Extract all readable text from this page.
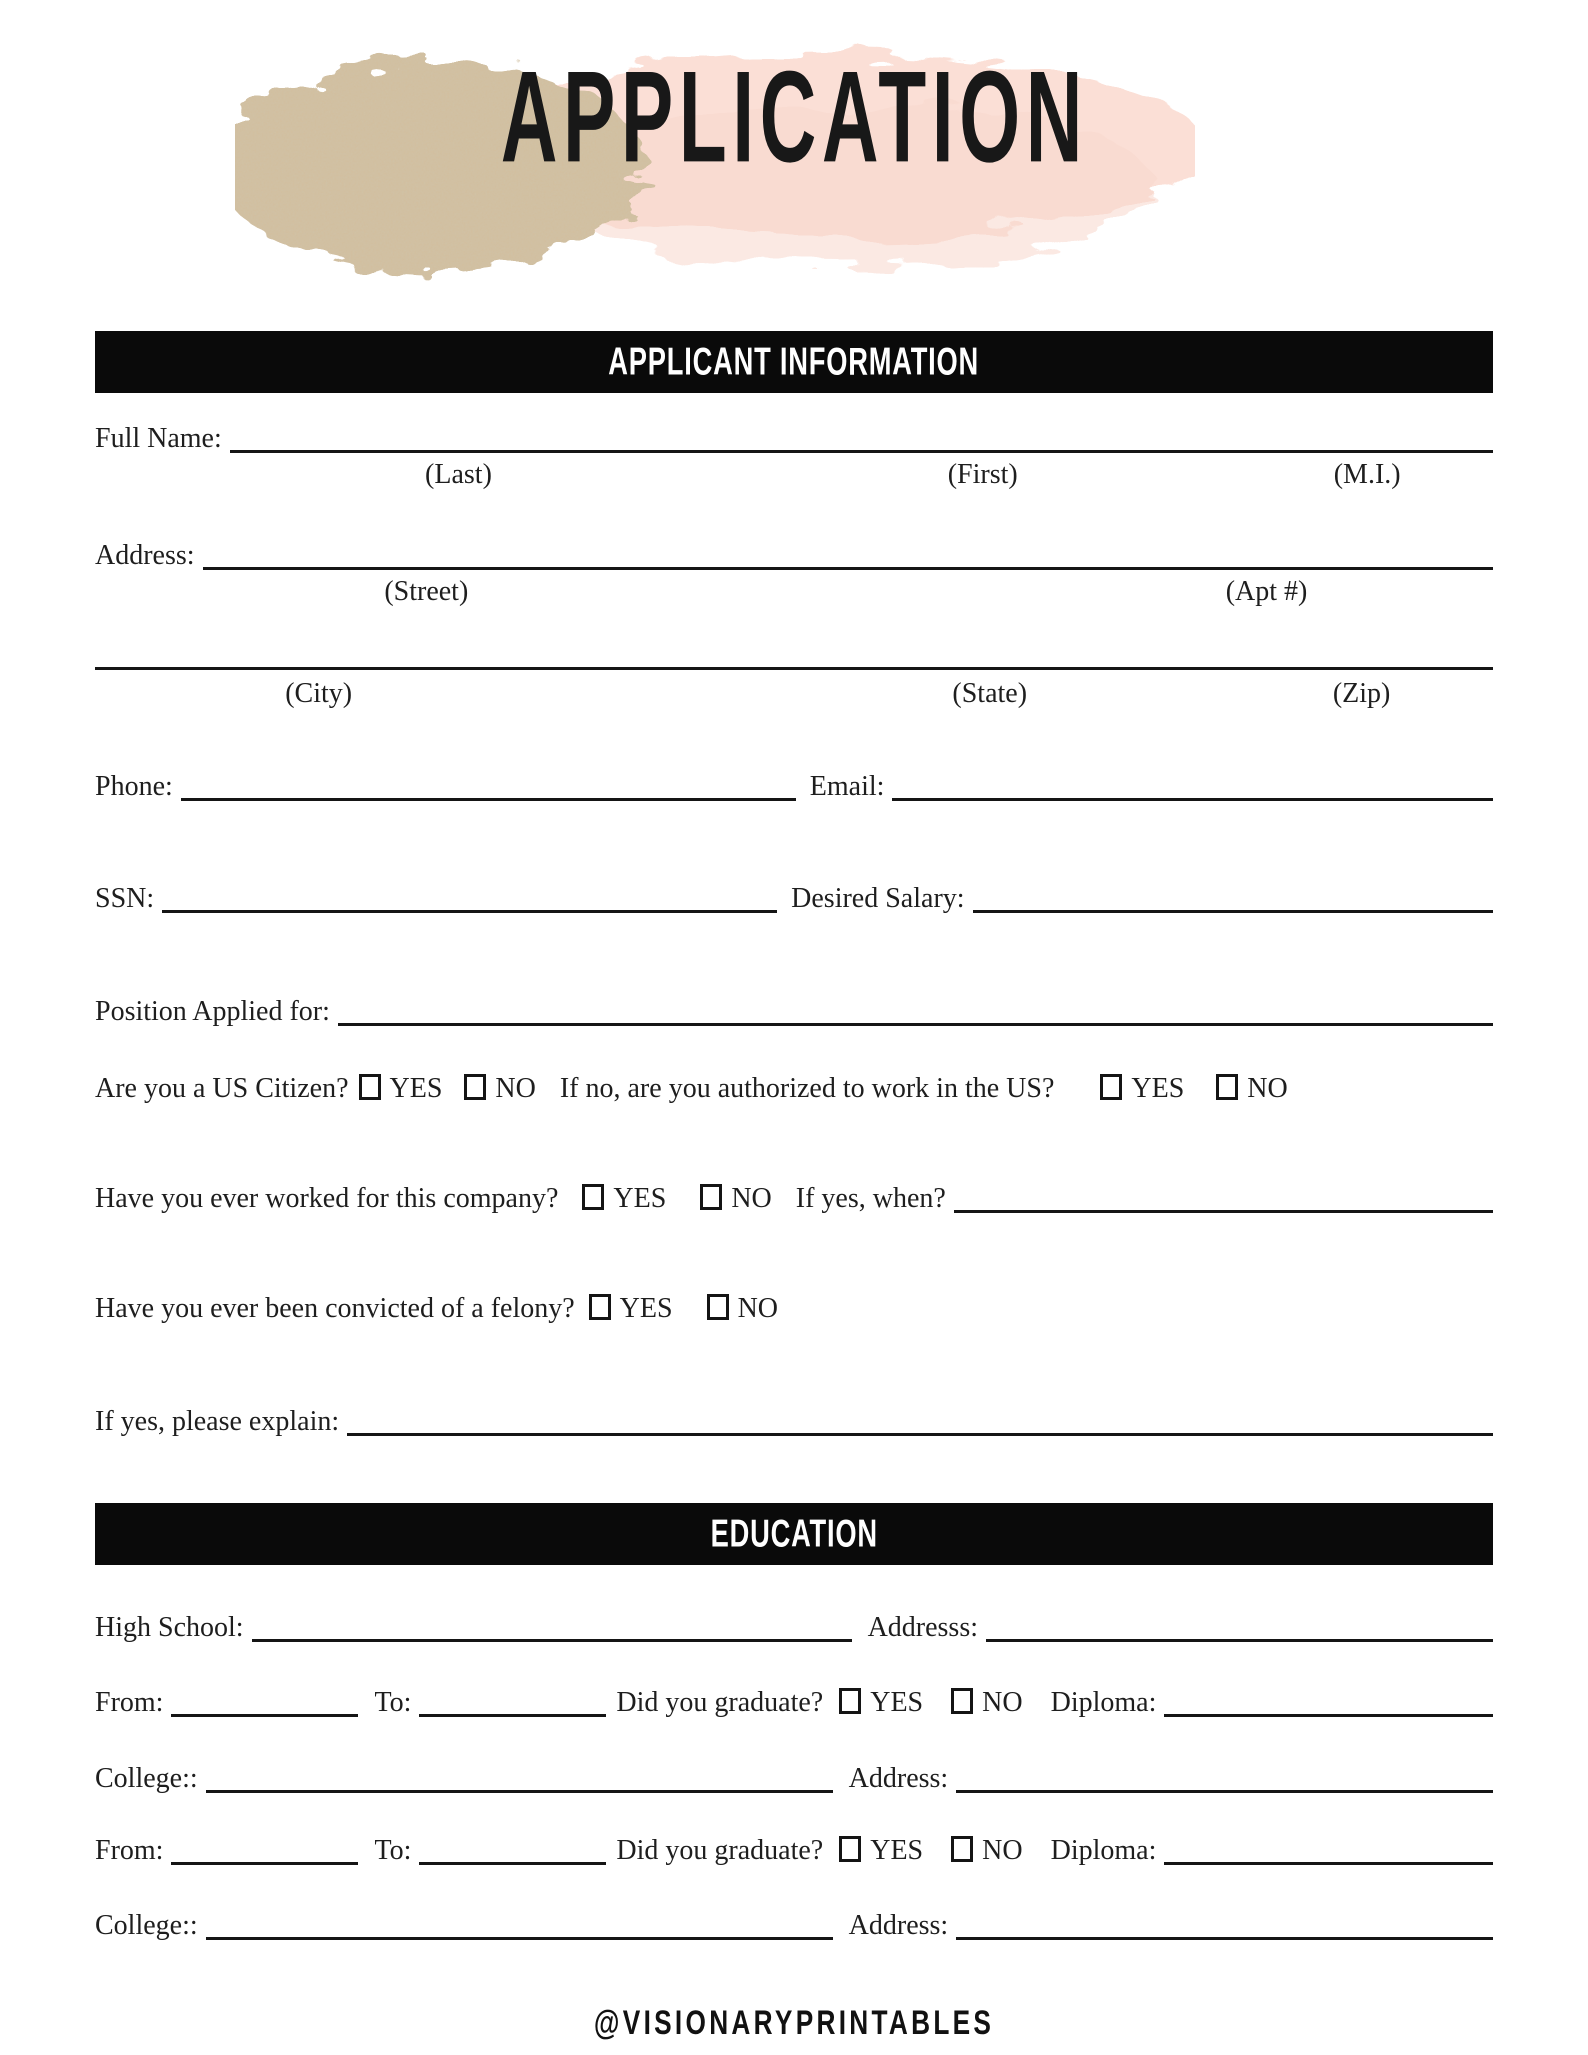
APPLICATION
APPLICANT INFORMATION
Full Name:
(Last)	(First)	(M.I.)
Address:
(Street)	(Apt #)
(City)	(State)	(Zip)
Phone:	Email:
SSN:	Desired Salary:
Position Applied for:
Are you a US Citizen? YES NO If no, are you authorized to work in the US?	YES NO
Have you ever worked for this company? YES NO If yes, when?
Have you ever been convicted of a felony? YES NO
If yes, please explain:
EDUCATION
High School:	Addresss:
From:	To:	Did you graduate? YES NO Diploma:
College::	Address:
From:	To:	Did you graduate? YES NO Diploma:
College::	Address:
@VISIONARYPRINTABLES
